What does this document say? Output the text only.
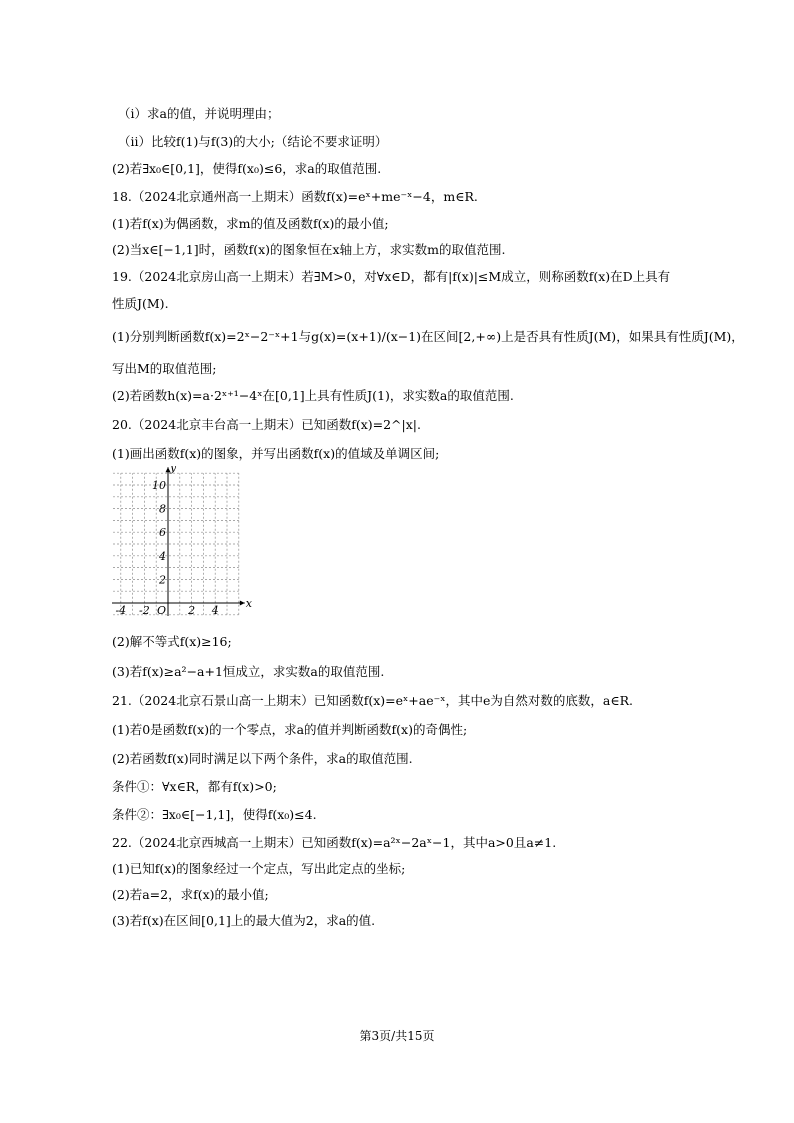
（i）求a的值，并说明理由；
（ii）比较f(1)与f(3)的大小;（结论不要求证明）
(2)若∃x₀∈[0,1]，使得f(x₀)≤6，求a的取值范围.
18.（2024北京通州高一上期末）函数f(x)=eˣ+me⁻ˣ−4，m∈R.
(1)若f(x)为偶函数，求m的值及函数f(x)的最小值;
(2)当x∈[−1,1]时，函数f(x)的图象恒在x轴上方，求实数m的取值范围.
19.（2024北京房山高一上期末）若∃M>0，对∀x∈D，都有|f(x)|≤M成立，则称函数f(x)在D上具有
性质J(M).
(1)分别判断函数f(x)=2ˣ−2⁻ˣ+1与g(x)=(x+1)/(x−1)在区间[2,+∞)上是否具有性质J(M)，如果具有性质J(M)，
写出M的取值范围;
(2)若函数h(x)=a·2ˣ⁺¹−4ˣ在[0,1]上具有性质J(1)，求实数a的取值范围.
20.（2024北京丰台高一上期末）已知函数f(x)=2^|x|.
(1)画出函数f(x)的图象，并写出函数f(x)的值域及单调区间;
x
y
O
10
8
6
4
2
-4 -2	2 4
(2)解不等式f(x)≥16;
(3)若f(x)≥a²−a+1恒成立，求实数a的取值范围.
21.（2024北京石景山高一上期末）已知函数f(x)=eˣ+ae⁻ˣ，其中e为自然对数的底数，a∈R.
(1)若0是函数f(x)的一个零点，求a的值并判断函数f(x)的奇偶性;
(2)若函数f(x)同时满足以下两个条件，求a的取值范围.
条件①：∀x∈R，都有f(x)>0;
条件②：∃x₀∈[−1,1]，使得f(x₀)≤4.
22.（2024北京西城高一上期末）已知函数f(x)=a²ˣ−2aˣ−1，其中a>0且a≠1.
(1)已知f(x)的图象经过一个定点，写出此定点的坐标;
(2)若a=2，求f(x)的最小值;
(3)若f(x)在区间[0,1]上的最大值为2，求a的值.
第3页/共15页
